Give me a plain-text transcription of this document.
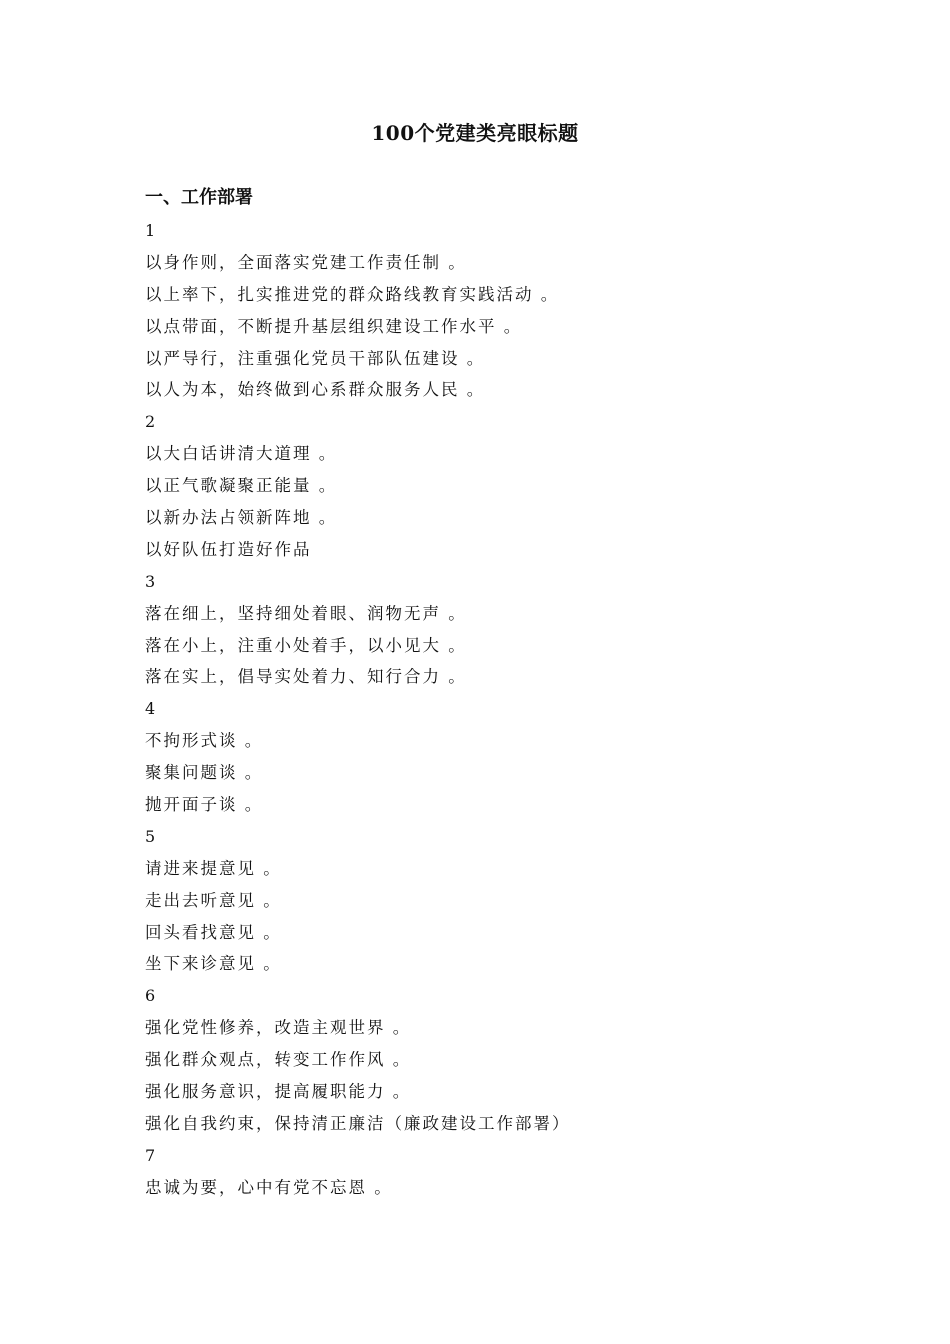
100个党建类亮眼标题
一、工作部署
1
以身作则，全面落实党建工作责任制 。
以上率下，扎实推进党的群众路线教育实践活动 。
以点带面，不断提升基层组织建设工作水平 。
以严导行，注重强化党员干部队伍建设 。
以人为本，始终做到心系群众服务人民 。
2
以大白话讲清大道理 。
以正气歌凝聚正能量 。
以新办法占领新阵地 。
以好队伍打造好作品
3
落在细上，坚持细处着眼、润物无声 。
落在小上，注重小处着手，以小见大 。
落在实上，倡导实处着力、知行合力 。
4
不拘形式谈 。
聚集问题谈 。
抛开面子谈 。
5
请进来提意见 。
走出去听意见 。
回头看找意见 。
坐下来诊意见 。
6
强化党性修养，改造主观世界 。
强化群众观点，转变工作作风 。
强化服务意识，提高履职能力 。
强化自我约束，保持清正廉洁（廉政建设工作部署）
7
忠诚为要，心中有党不忘恩 。
